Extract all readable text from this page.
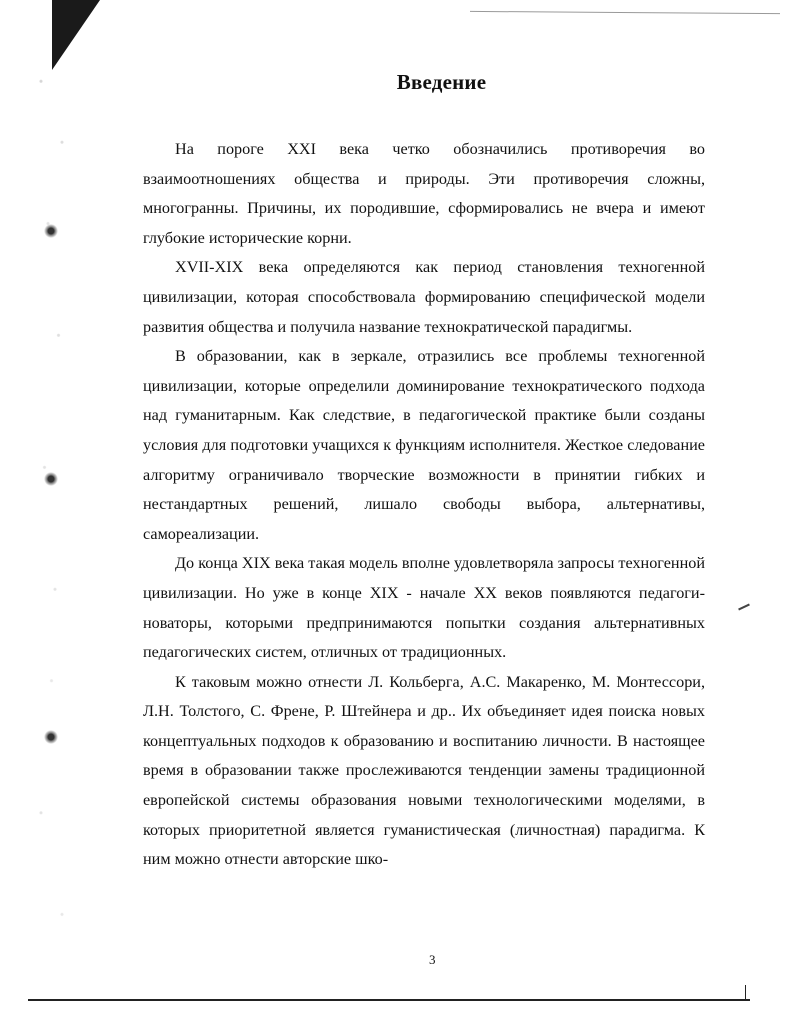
Введение

На пороге XXI века четко обозначились противоречия во взаимоотношениях общества и природы. Эти противоречия сложны, многогранны. Причины, их породившие, сформировались не вчера и имеют глубокие исторические корни.

XVII-XIX века определяются как период становления техногенной цивилизации, которая способствовала формированию специфической модели развития общества и получила название технократической парадигмы.

В образовании, как в зеркале, отразились все проблемы техногенной цивилизации, которые определили доминирование технократического подхода над гуманитарным. Как следствие, в педагогической практике были созданы условия для подготовки учащихся к функциям исполнителя. Жесткое следование алгоритму ограничивало творческие возможности в принятии гибких и нестандартных решений, лишало свободы выбора, альтернативы, самореализации.

До конца XIX века такая модель вполне удовлетворяла запросы техногенной цивилизации. Но уже в конце XIX - начале XX веков появляются педагоги-новаторы, которыми предпринимаются попытки создания альтернативных педагогических систем, отличных от традиционных.

К таковым можно отнести Л. Кольберга, А.С. Макаренко, М. Монтессори, Л.Н. Толстого, С. Френе, Р. Штейнера и др.. Их объединяет идея поиска новых концептуальных подходов к образованию и воспитанию личности. В настоящее время в образовании также прослеживаются тенденции замены традиционной европейской системы образования новыми технологическими моделями, в которых приоритетной является гуманистическая (личностная) парадигма. К ним можно отнести авторские шко-

3
